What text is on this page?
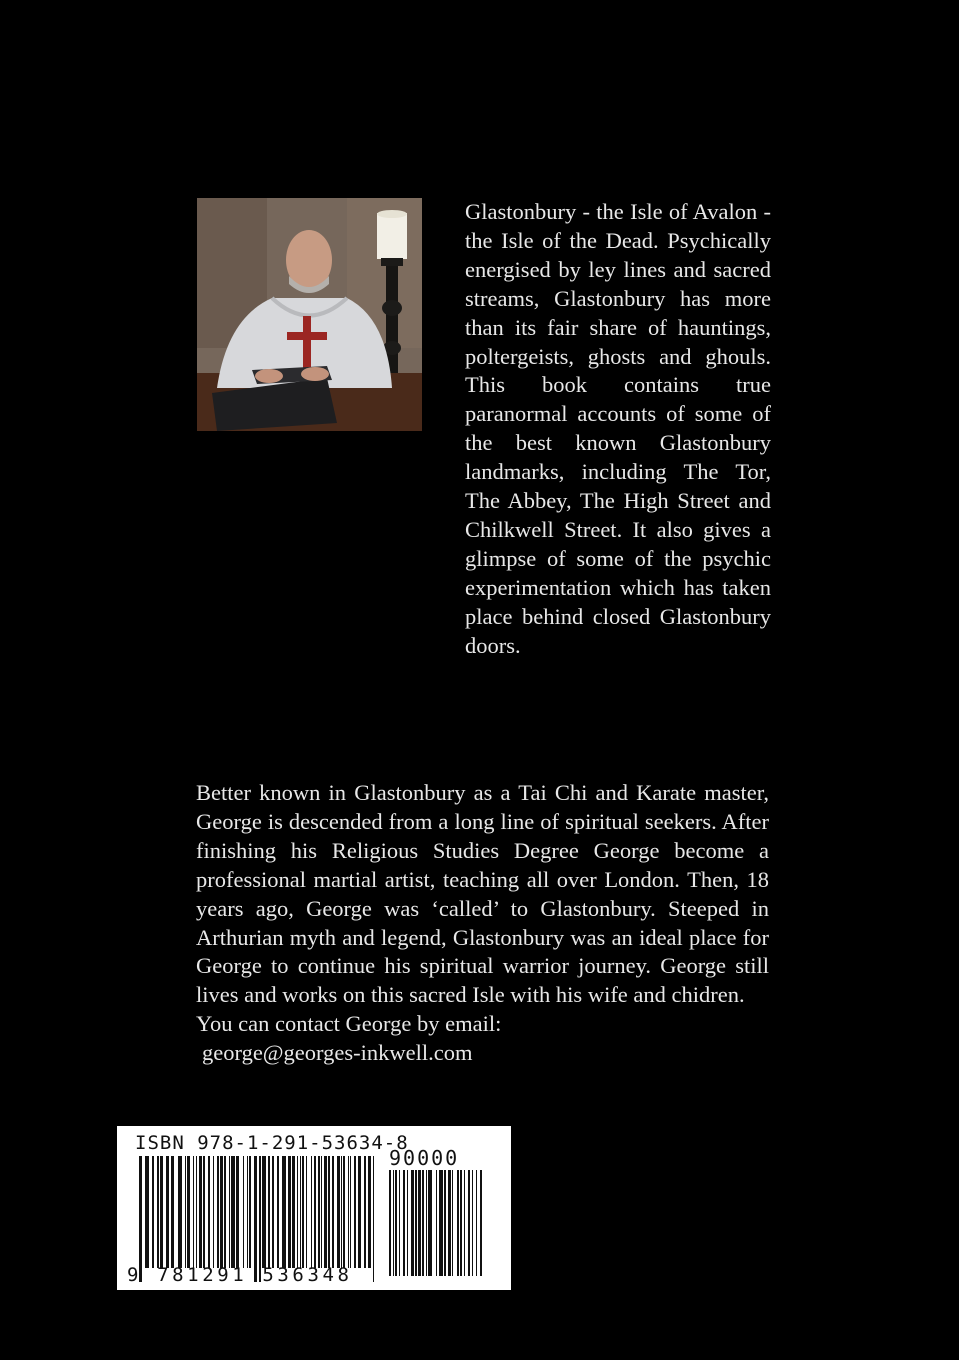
Glastonbury - the Isle of Avalon - the Isle of the Dead. Psychically energised by ley lines and sacred streams, Glastonbury has more than its fair share of hauntings, poltergeists, ghosts and ghouls. This book contains true paranormal accounts of some of the best known Glastonbury landmarks, including The Tor, The Abbey, The High Street and Chilkwell Street. It also gives a glimpse of some of the psychic experimentation which has taken place behind closed Glastonbury doors.

Better known in Glastonbury as a Tai Chi and Karate master, George is descended from a long line of spiritual seekers. After finishing his Religious Studies Degree George become a professional martial artist, teaching all over London. Then, 18 years ago, George was ‘called’ to Glastonbury. Steeped in Arthurian myth and legend, Glastonbury was an ideal place for George to continue his spiritual warrior journey. George still lives and works on this sacred Isle with his wife and chidren.

You can contact George by email:

george@georges-inkwell.com

ISBN 978-1-291-53634-8
90000
9 781291 536348
